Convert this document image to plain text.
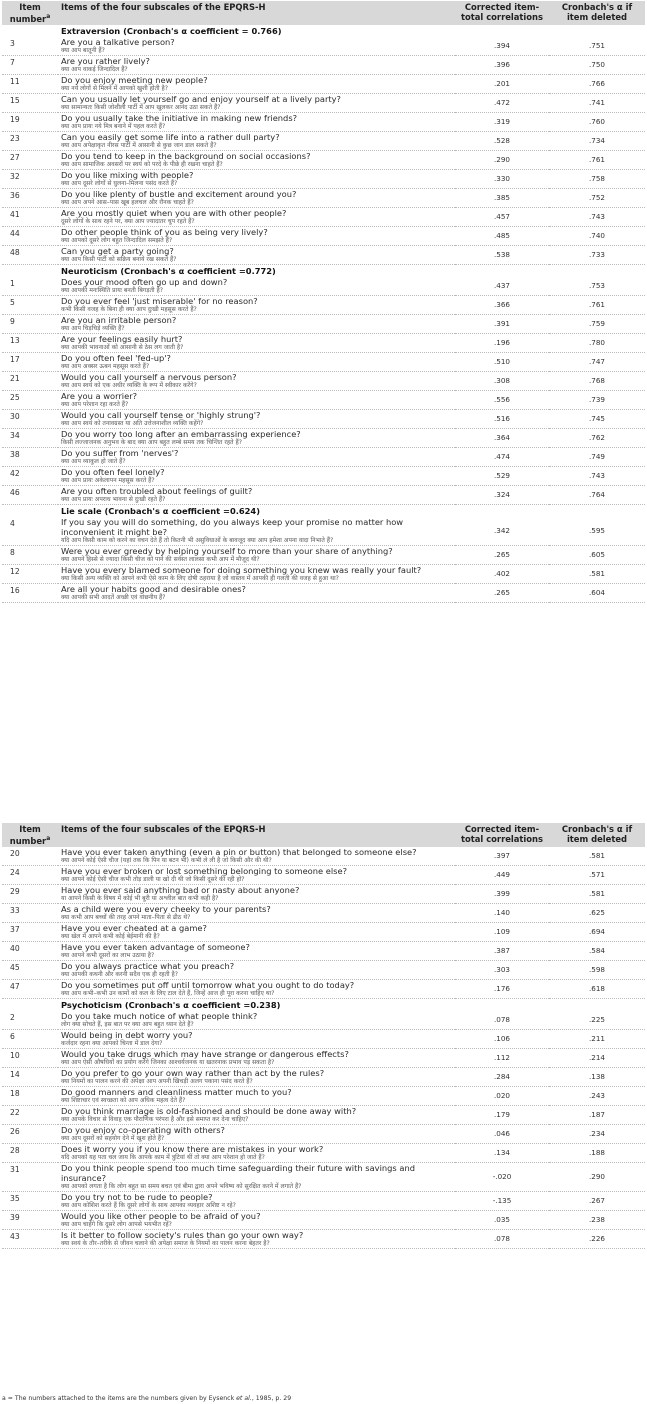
Item number$^a$	Items of the four subscales of the EPQRS-H	Corrected item-total correlations	Cronbach's α if item deleted
	Extraversion (Cronbach's α coefficient = 0.766)		
3	Are you a talkative person?
क्या आप बातूनी हैं?	.394	.751
7	Are you rather lively?
क्या आप वाकई जिन्दादिल हैं?	.396	.750
11	Do you enjoy meeting new people?
क्या नये लोगों से मिलने में आपको खुशी होती है?	.201	.766
15	Can you usually let yourself go and enjoy yourself at a lively party?
क्या सामान्यतः किसी जोशीली पार्टी में आप खुलकर आनंद उठा सकते हैं?	.472	.741
19	Do you usually take the initiative in making new friends?
क्या आप प्रायः नये मित्र बनाने में पहल करते हैं?	.319	.760
23	Can you easily get some life into a rather dull party?
क्या आप अपेक्षाकृत नीरस पार्टी में आसानी से कुछ जान डाल सकते हैं?	.528	.734
27	Do you tend to keep in the background on social occasions?
क्या आप सामाजिक अवसरों पर स्वयं को परदे के पीछे ही रखना चाहते हैं?	.290	.761
32	Do you like mixing with people?
क्या आप दूसरे लोगों से घुलना–मिलना पसंद करते हैं?	.330	.758
36	Do you like plenty of bustle and excitement around you?
क्या आप अपने आस–पास खूब हलचल और रौनक चाहते हैं?	.385	.752
41	Are you mostly quiet when you are with other people?
दूसरे लोगों के साथ रहने पर, क्या आप ज्यादातर चुप रहते हैं?	.457	.743
44	Do other people think of you as being very lively?
क्या आपको दूसरे लोग बहुत जिन्दादिल समझते हैं?	.485	.740
48	Can you get a party going?
क्या आप किसी पार्टी को सक्रिय बनाये रख सकते हैं?	.538	.733
	Neuroticism (Cronbach's α coefficient =0.772)		
1	Does your mood often go up and down?
क्या आपकी मनःस्थिति प्रायः बनती बिगड़ती है?	.437	.753
5	Do you ever feel 'just miserable' for no reason?
कभी किसी वजह के बिना ही क्या आप दुःखी महसूस करते हैं?	.366	.761
9	Are you an irritable person?
क्या आप चिड़चिड़े व्यक्ति हैं?	.391	.759
13	Are your feelings easily hurt?
क्या आपकी भावनाओं को आसानी से ठेस लग जाती है?	.196	.780
17	Do you often feel 'fed-up'?
क्या आप अक्सर ऊबन महसूस करते हैं?	.510	.747
21	Would you call yourself a nervous person?
क्या आप स्वयं को एक अधीर व्यक्ति के रूप में स्वीकार करेंगे?	.308	.768
25	Are you a worrier?
क्या आप परेशान रहा करते हैं?	.556	.739
30	Would you call yourself tense or 'highly strung'?
क्या आप स्वयं को तनावग्रस्त या अति उत्तेजनाशील व्यक्ति कहेंगे?	.516	.745
34	Do you worry too long after an embarrassing experience?
किसी लज्जाजनक अनुभव के बाद क्या आप बहुत लम्बे समय तक चिन्तित रहते हैं?	.364	.762
38	Do you suffer from 'nerves'?
क्या आप व्याकुल हो जाते हैं?	.474	.749
42	Do you often feel lonely?
क्या आप प्रायः अकेलापन महसूस करते हैं?	.529	.743
46	Are you often troubled about feelings of guilt?
क्या आप प्रायः अपराध भावना से दुःखी रहते हैं?	.324	.764
	Lie scale (Cronbach's α coefficient =0.624)		
4	If you say you will do something, do you always keep your promise no matter how inconvenient it might be?
यदि आप किसी काम को करने का वचन देते हैं तो कितनी भी असुविधाओं के बावजूद क्या आप हमेशा अपना वादा निभाते हैं?	.342	.595
8	Were you ever greedy by helping yourself to more than your share of anything?
क्या आपने हिस्से से ज्यादा किसी चीज को पाने की सर्वस्त लालसा कभी आप में मौजूद थी?	.265	.605
12	Have you every blamed someone for doing something you knew was really your fault?
क्या किसी अन्य व्यक्ति को आपने कभी ऐसे काम के लिए दोषी ठहराया है जो वास्तव में आपकी ही गलती की वजह से हुआ था?	.402	.581
16	Are all your habits good and desirable ones?
क्या आपकी सभी आदतें अच्छी एवं वांछनीय हैं?	.265	.604
Item number$^a$	Items of the four subscales of the EPQRS-H	Corrected item-total correlations	Cronbach's α if item deleted
20	Have you ever taken anything (even a pin or button) that belonged to someone else?
क्या आपने कोई ऐसी चीज (यहां तक कि पिन या बटन भी) कभी ले ली है जो किसी और की थी?	.397	.581
24	Have you ever broken or lost something belonging to someone else?
क्या आपने कोई ऐसी चीज कभी तोड़ डाली या खो दी थी जो किसी दूसरे की रही हो?	.449	.571
29	Have you ever said anything bad or nasty about anyone?
या आपने किसी के विषय में कोई भी बुरी या अश्लील बात कभी कही है?	.399	.581
33	As a child were you every cheeky to your parents?
क्या कभी आप बच्चों की तरह अपने माता–पिता से ढीठ थे?	.140	.625
37	Have you ever cheated at a game?
क्या खेल में आपने कभी कोई बेईमानी की है?	.109	.694
40	Have you ever taken advantage of someone?
क्या आपने कभी दूसरों का लाभ उठाया है?	.387	.584
45	Do you always practice what you preach?
क्या आपकी कथनी और करनी सदैव एक ही रहती है?	.303	.598
47	Do you sometimes put off until tomorrow what you ought to do today?
क्या आप कभी–कभी उन कामों को कल के लिए टाल देते हैं, जिन्हें आज ही पूरा करना चाहिए था?	.176	.618
	Psychoticism (Cronbach's α coefficient =0.238)		
2	Do you take much notice of what people think?
लोग क्या सोचते हैं, इस बात पर क्या आप बहुत ध्यान देते हैं?	.078	.225
6	Would being in debt worry you?
कर्जदार रहना क्या आपको चिन्ता में डाल देगा?	.106	.211
10	Would you take drugs which may have strange or dangerous effects?
क्या आप ऐसी औषधियों का प्रयोग करेंगे जिनका आश्चर्यजनक या खतरनाक प्रभाव पड़ सकता है?	.112	.214
14	Do you prefer to go your own way rather than act by the rules?
क्या नियमों का पालन करने की अपेक्षा आप अपनी खिचड़ी अलग पकाना पसंद करते हैं?	.284	.138
18	Do good manners and cleanliness matter much to you?
क्या शिष्टाचार एवं स्वच्छता को आप अधिक महत्व देते हैं?	.020	.243
22	Do you think marriage is old-fashioned and should be done away with?
क्या आपके विचार से विवाह एक पौराणिक परंपरा है और इसे समाप्त कर देना चाहिए?	.179	.187
26	Do you enjoy co-operating with others?
क्या आप दूसरों को सहयोग देने में खुश होते हैं?	.046	.234
28	Does it worry you if you know there are mistakes in your work?
यदि आपको यह पता चल जाय कि आपके काम में त्रुटियां थीं तो क्या आप परेशान हो जाते हैं?	.134	.188
31	Do you think people spend too much time safeguarding their future with savings and insurance?
क्या आपको लगता है कि लोग बहुत सा समय बचत एवं बीमा द्वारा अपने भविष्य को सुरक्षित करने में लगाते हैं?	-.020	.290
35	Do you try not to be rude to people?
क्या आप कोशिश करते हैं कि दूसरे लोगों के साथ आपका व्यवहार अशिष्ट न रहे?	-.135	.267
39	Would you like other people to be afraid of you?
क्या आप चाहेंगे कि दूसरे लोग आपसे भयभीत रहें?	.035	.238
43	Is it better to follow society's rules than go your own way?
क्या स्वयं के तौर–तरीके से जीवन चलाने की अपेक्षा समाज के नियमों का पालन करना बेहतर है?	.078	.226
a = The numbers attached to the items are the numbers given by Eysenck et al., 1985, p. 29
